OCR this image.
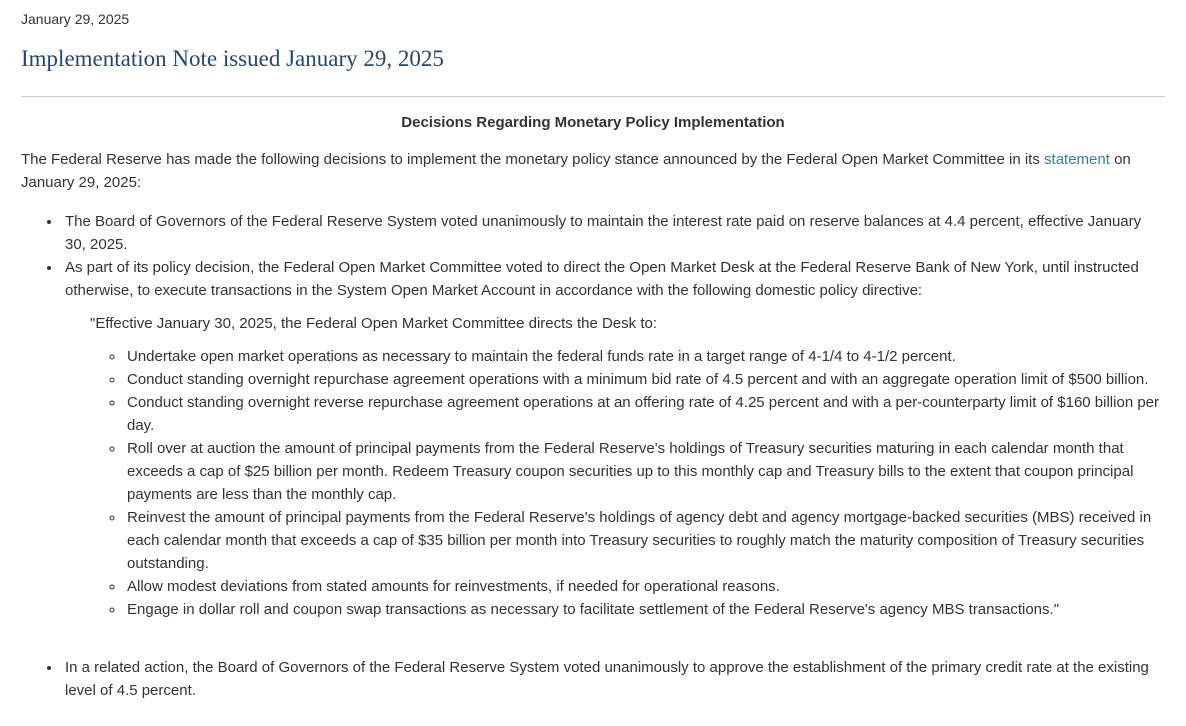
January 29, 2025

Implementation Note issued January 29, 2025
Decisions Regarding Monetary Policy Implementation

The Federal Reserve has made the following decisions to implement the monetary policy stance announced by the Federal Open Market Committee in its statement on January 29, 2025:

• The Board of Governors of the Federal Reserve System voted unanimously to maintain the interest rate paid on reserve balances at 4.4 percent, effective January 30, 2025.
• As part of its policy decision, the Federal Open Market Committee voted to direct the Open Market Desk at the Federal Reserve Bank of New York, until instructed otherwise, to execute transactions in the System Open Market Account in accordance with the following domestic policy directive:

"Effective January 30, 2025, the Federal Open Market Committee directs the Desk to:

◦ Undertake open market operations as necessary to maintain the federal funds rate in a target range of 4-1/4 to 4-1/2 percent.
◦ Conduct standing overnight repurchase agreement operations with a minimum bid rate of 4.5 percent and with an aggregate operation limit of $500 billion.
◦ Conduct standing overnight reverse repurchase agreement operations at an offering rate of 4.25 percent and with a per-counterparty limit of $160 billion per day.
◦ Roll over at auction the amount of principal payments from the Federal Reserve's holdings of Treasury securities maturing in each calendar month that exceeds a cap of $25 billion per month. Redeem Treasury coupon securities up to this monthly cap and Treasury bills to the extent that coupon principal payments are less than the monthly cap.
◦ Reinvest the amount of principal payments from the Federal Reserve's holdings of agency debt and agency mortgage-backed securities (MBS) received in each calendar month that exceeds a cap of $35 billion per month into Treasury securities to roughly match the maturity composition of Treasury securities outstanding.
◦ Allow modest deviations from stated amounts for reinvestments, if needed for operational reasons.
◦ Engage in dollar roll and coupon swap transactions as necessary to facilitate settlement of the Federal Reserve's agency MBS transactions."
• In a related action, the Board of Governors of the Federal Reserve System voted unanimously to approve the establishment of the primary credit rate at the existing level of 4.5 percent.
